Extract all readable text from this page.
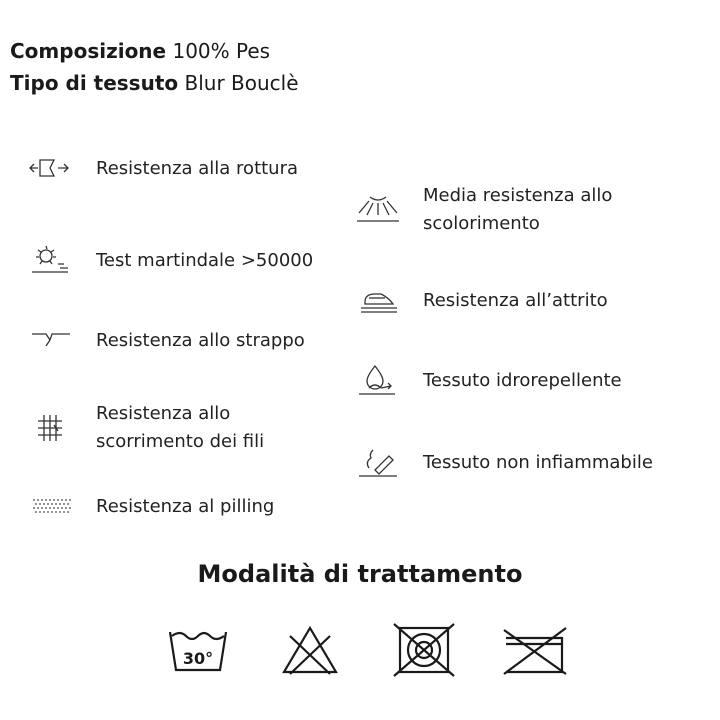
Composizione 100% Pes
Tipo di tessuto Blur Bouclè
Resistenza alla rottura
Test martindale >50000
Resistenza allo strappo
Resistenza allo scorrimento dei fili
Resistenza al pilling
Media resistenza allo scolorimento
Resistenza all’attrito
Tessuto idrorepellente
Tessuto non infiammabile
Modalità di trattamento
30°
